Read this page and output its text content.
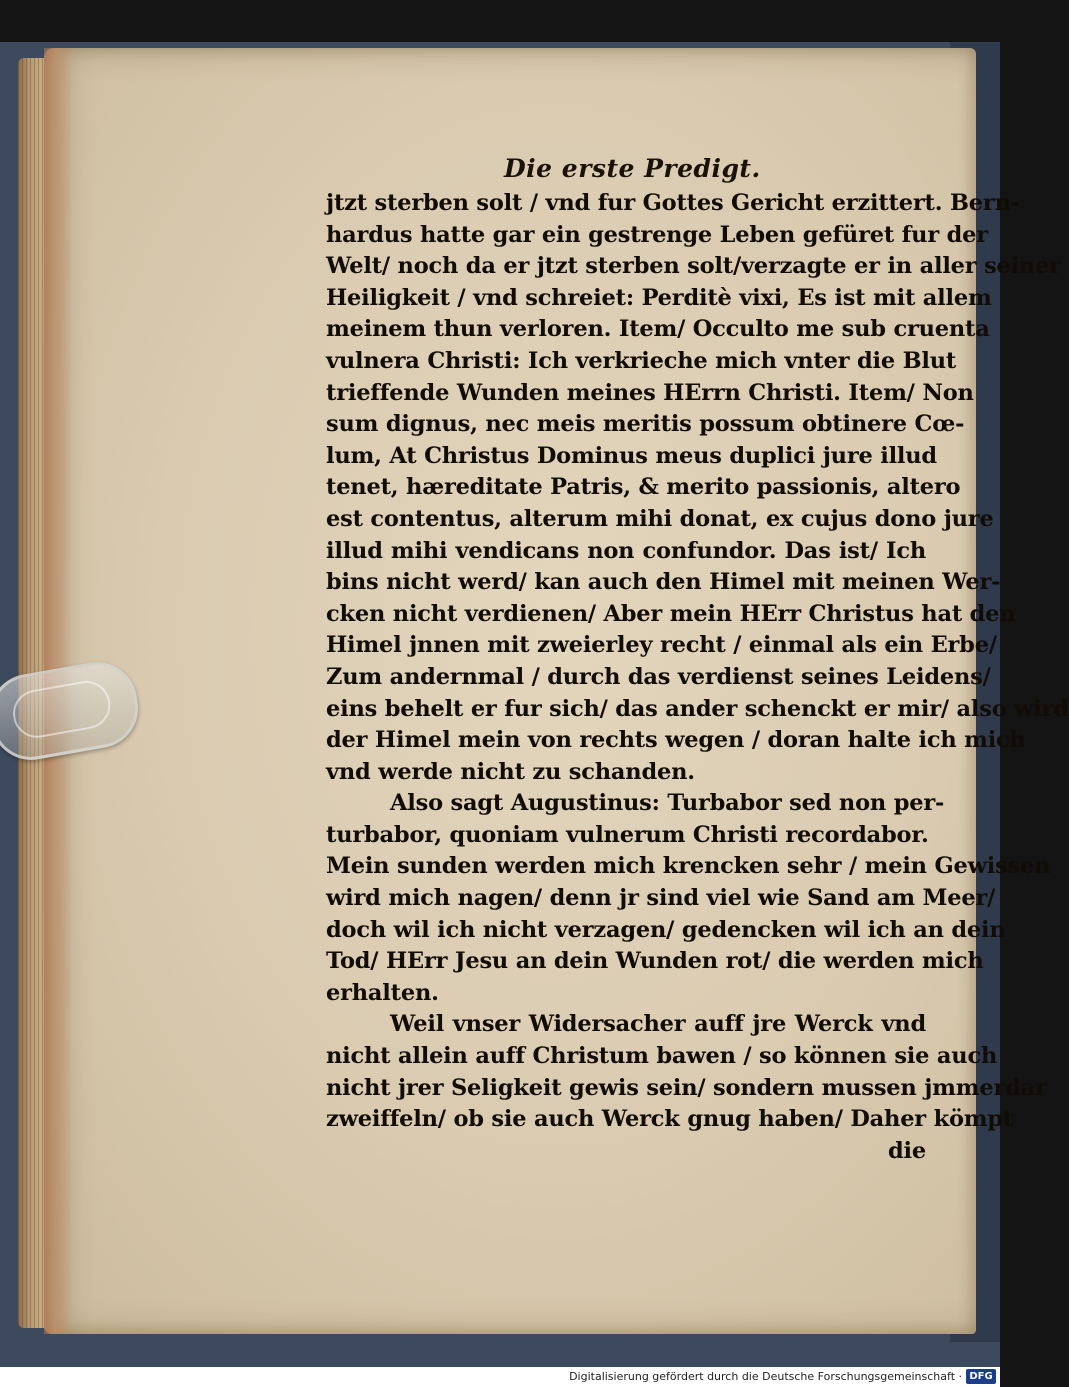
Die erste Predigt.
jtzt sterben solt / vnd fur Gottes Gericht erzittert. Bern-
hardus hatte gar ein gestrenge Leben gefüret fur der
Welt/ noch da er jtzt sterben solt/verzagte er in aller seiner
Heiligkeit / vnd schreiet: Perditè vixi, Es ist mit allem
meinem thun verloren. Item/ Occulto me sub cruenta
vulnera Christi: Ich verkrieche mich vnter die Blut
trieffende Wunden meines HErrn Christi. Item/ Non
sum dignus, nec meis meritis possum obtinere Cœ-
lum, At Christus Dominus meus duplici jure illud
tenet, hæreditate Patris, & merito passionis, altero
est contentus, alterum mihi donat, ex cujus dono jure
illud mihi vendicans non confundor. Das ist/ Ich
bins nicht werd/ kan auch den Himel mit meinen Wer-
cken nicht verdienen/ Aber mein HErr Christus hat den
Himel jnnen mit zweierley recht / einmal als ein Erbe/
Zum andernmal / durch das verdienst seines Leidens/
eins behelt er fur sich/ das ander schenckt er mir/ also wird
der Himel mein von rechts wegen / doran halte ich mich
vnd werde nicht zu schanden.
Also sagt Augustinus: Turbabor sed non per-
turbabor, quoniam vulnerum Christi recordabor.
Mein sunden werden mich krencken sehr / mein Gewissen
wird mich nagen/ denn jr sind viel wie Sand am Meer/
doch wil ich nicht verzagen/ gedencken wil ich an dein
Tod/ HErr Jesu an dein Wunden rot/ die werden mich
erhalten.
Weil vnser Widersacher auff jre Werck vnd
nicht allein auff Christum bawen / so können sie auch
nicht jrer Seligkeit gewis sein/ sondern mussen jmmerdar
zweiffeln/ ob sie auch Werck gnug haben/ Daher kömpt
die
Digitalisierung gefördert durch die Deutsche Forschungsgemeinschaft · DFG
